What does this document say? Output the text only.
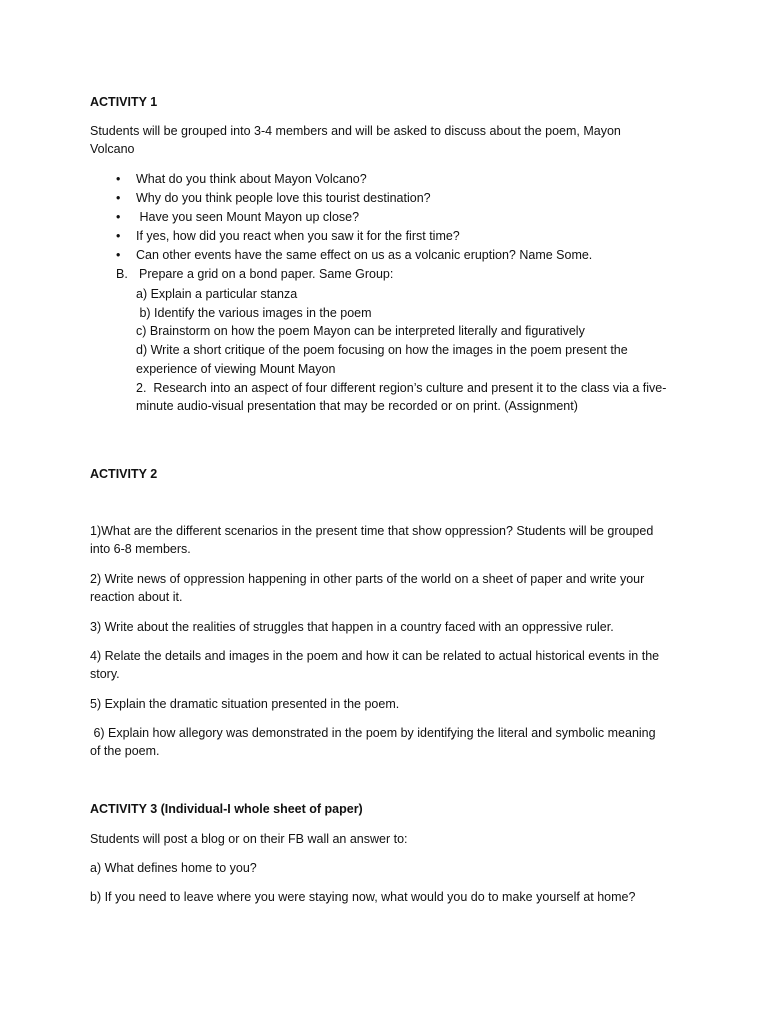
ACTIVITY 1
Students will be grouped into 3-4 members and will be asked to discuss about the poem, Mayon
Volcano
• What do you think about Mayon Volcano?
• Why do you think people love this tourist destination?
• Have you seen Mount Mayon up close?
• If yes, how did you react when you saw it for the first time?
• Can other events have the same effect on us as a volcanic eruption? Name Some.
B. Prepare a grid on a bond paper. Same Group:
a) Explain a particular stanza
b) Identify the various images in the poem
c) Brainstorm on how the poem Mayon can be interpreted literally and figuratively
d) Write a short critique of the poem focusing on how the images in the poem present the
experience of viewing Mount Mayon
2.  Research into an aspect of four different region’s culture and present it to the class via a five-
minute audio-visual presentation that may be recorded or on print. (Assignment)
ACTIVITY 2
1)What are the different scenarios in the present time that show oppression? Students will be grouped
into 6-8 members.
2) Write news of oppression happening in other parts of the world on a sheet of paper and write your
reaction about it.
3) Write about the realities of struggles that happen in a country faced with an oppressive ruler.
4) Relate the details and images in the poem and how it can be related to actual historical events in the
story.
5) Explain the dramatic situation presented in the poem.
6) Explain how allegory was demonstrated in the poem by identifying the literal and symbolic meaning
of the poem.
ACTIVITY 3 (Individual-I whole sheet of paper)
Students will post a blog or on their FB wall an answer to:
a) What defines home to you?
b) If you need to leave where you were staying now, what would you do to make yourself at home?
